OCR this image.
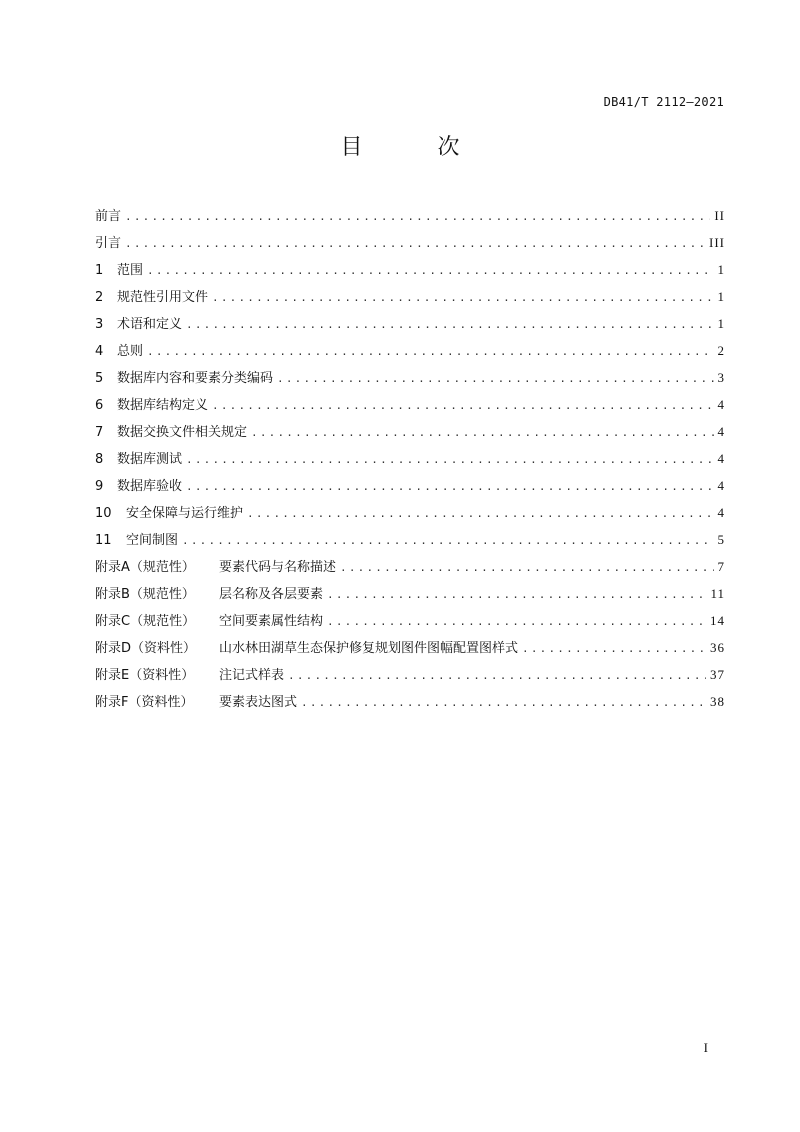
DB41/T 2112—2021
目 次
前言 .....	II
引言 .....	III
1	范围 .....	1
2	规范性引用文件 .....	1
3	术语和定义 .....	1
4	总则 .....	2
5	数据库内容和要素分类编码 .....	3
6	数据库结构定义 .....	4
7	数据交换文件相关规定 .....	4
8	数据库测试 .....	4
9	数据库验收 .....	4
10	安全保障与运行维护 .....	4
11	空间制图 .....	5
附录A（规范性）	要素代码与名称描述 .....	7
附录B（规范性）	层名称及各层要素 .....	11
附录C（规范性）	空间要素属性结构 .....	14
附录D（资料性）	山水林田湖草生态保护修复规划图件图幅配置图样式 .....	36
附录E（资料性）	注记式样表 .....	37
附录F（资料性）	要素表达图式 .....	38
I
